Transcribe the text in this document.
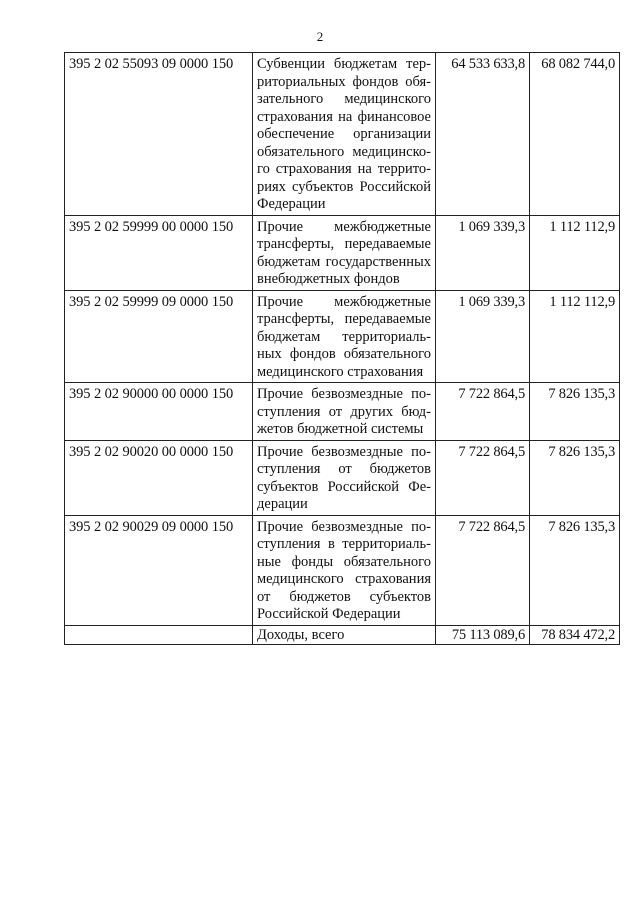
2
395 2 02 55093 09 0000 150	Субвенции бюджетам территориальных фондов обязательного медицинского страхования на финансовое обеспечение организации обязательного медицинского страхования на территориях субъектов Российской Федерации	64 533 633,8	68 082 744,0
395 2 02 59999 00 0000 150	Прочие межбюджетные трансферты, передаваемые бюджетам государственных внебюджетных фондов	1 069 339,3	1 112 112,9
395 2 02 59999 09 0000 150	Прочие межбюджетные трансферты, передаваемые бюджетам территориальных фондов обязательного медицинского страхования	1 069 339,3	1 112 112,9
395 2 02 90000 00 0000 150	Прочие безвозмездные поступления от других бюджетов бюджетной системы	7 722 864,5	7 826 135,3
395 2 02 90020 00 0000 150	Прочие безвозмездные поступления от бюджетов субъектов Российской Федерации	7 722 864,5	7 826 135,3
395 2 02 90029 09 0000 150	Прочие безвозмездные поступления в территориальные фонды обязательного медицинского страхования от бюджетов субъектов Российской Федерации	7 722 864,5	7 826 135,3
	Доходы, всего	75 113 089,6	78 834 472,2
